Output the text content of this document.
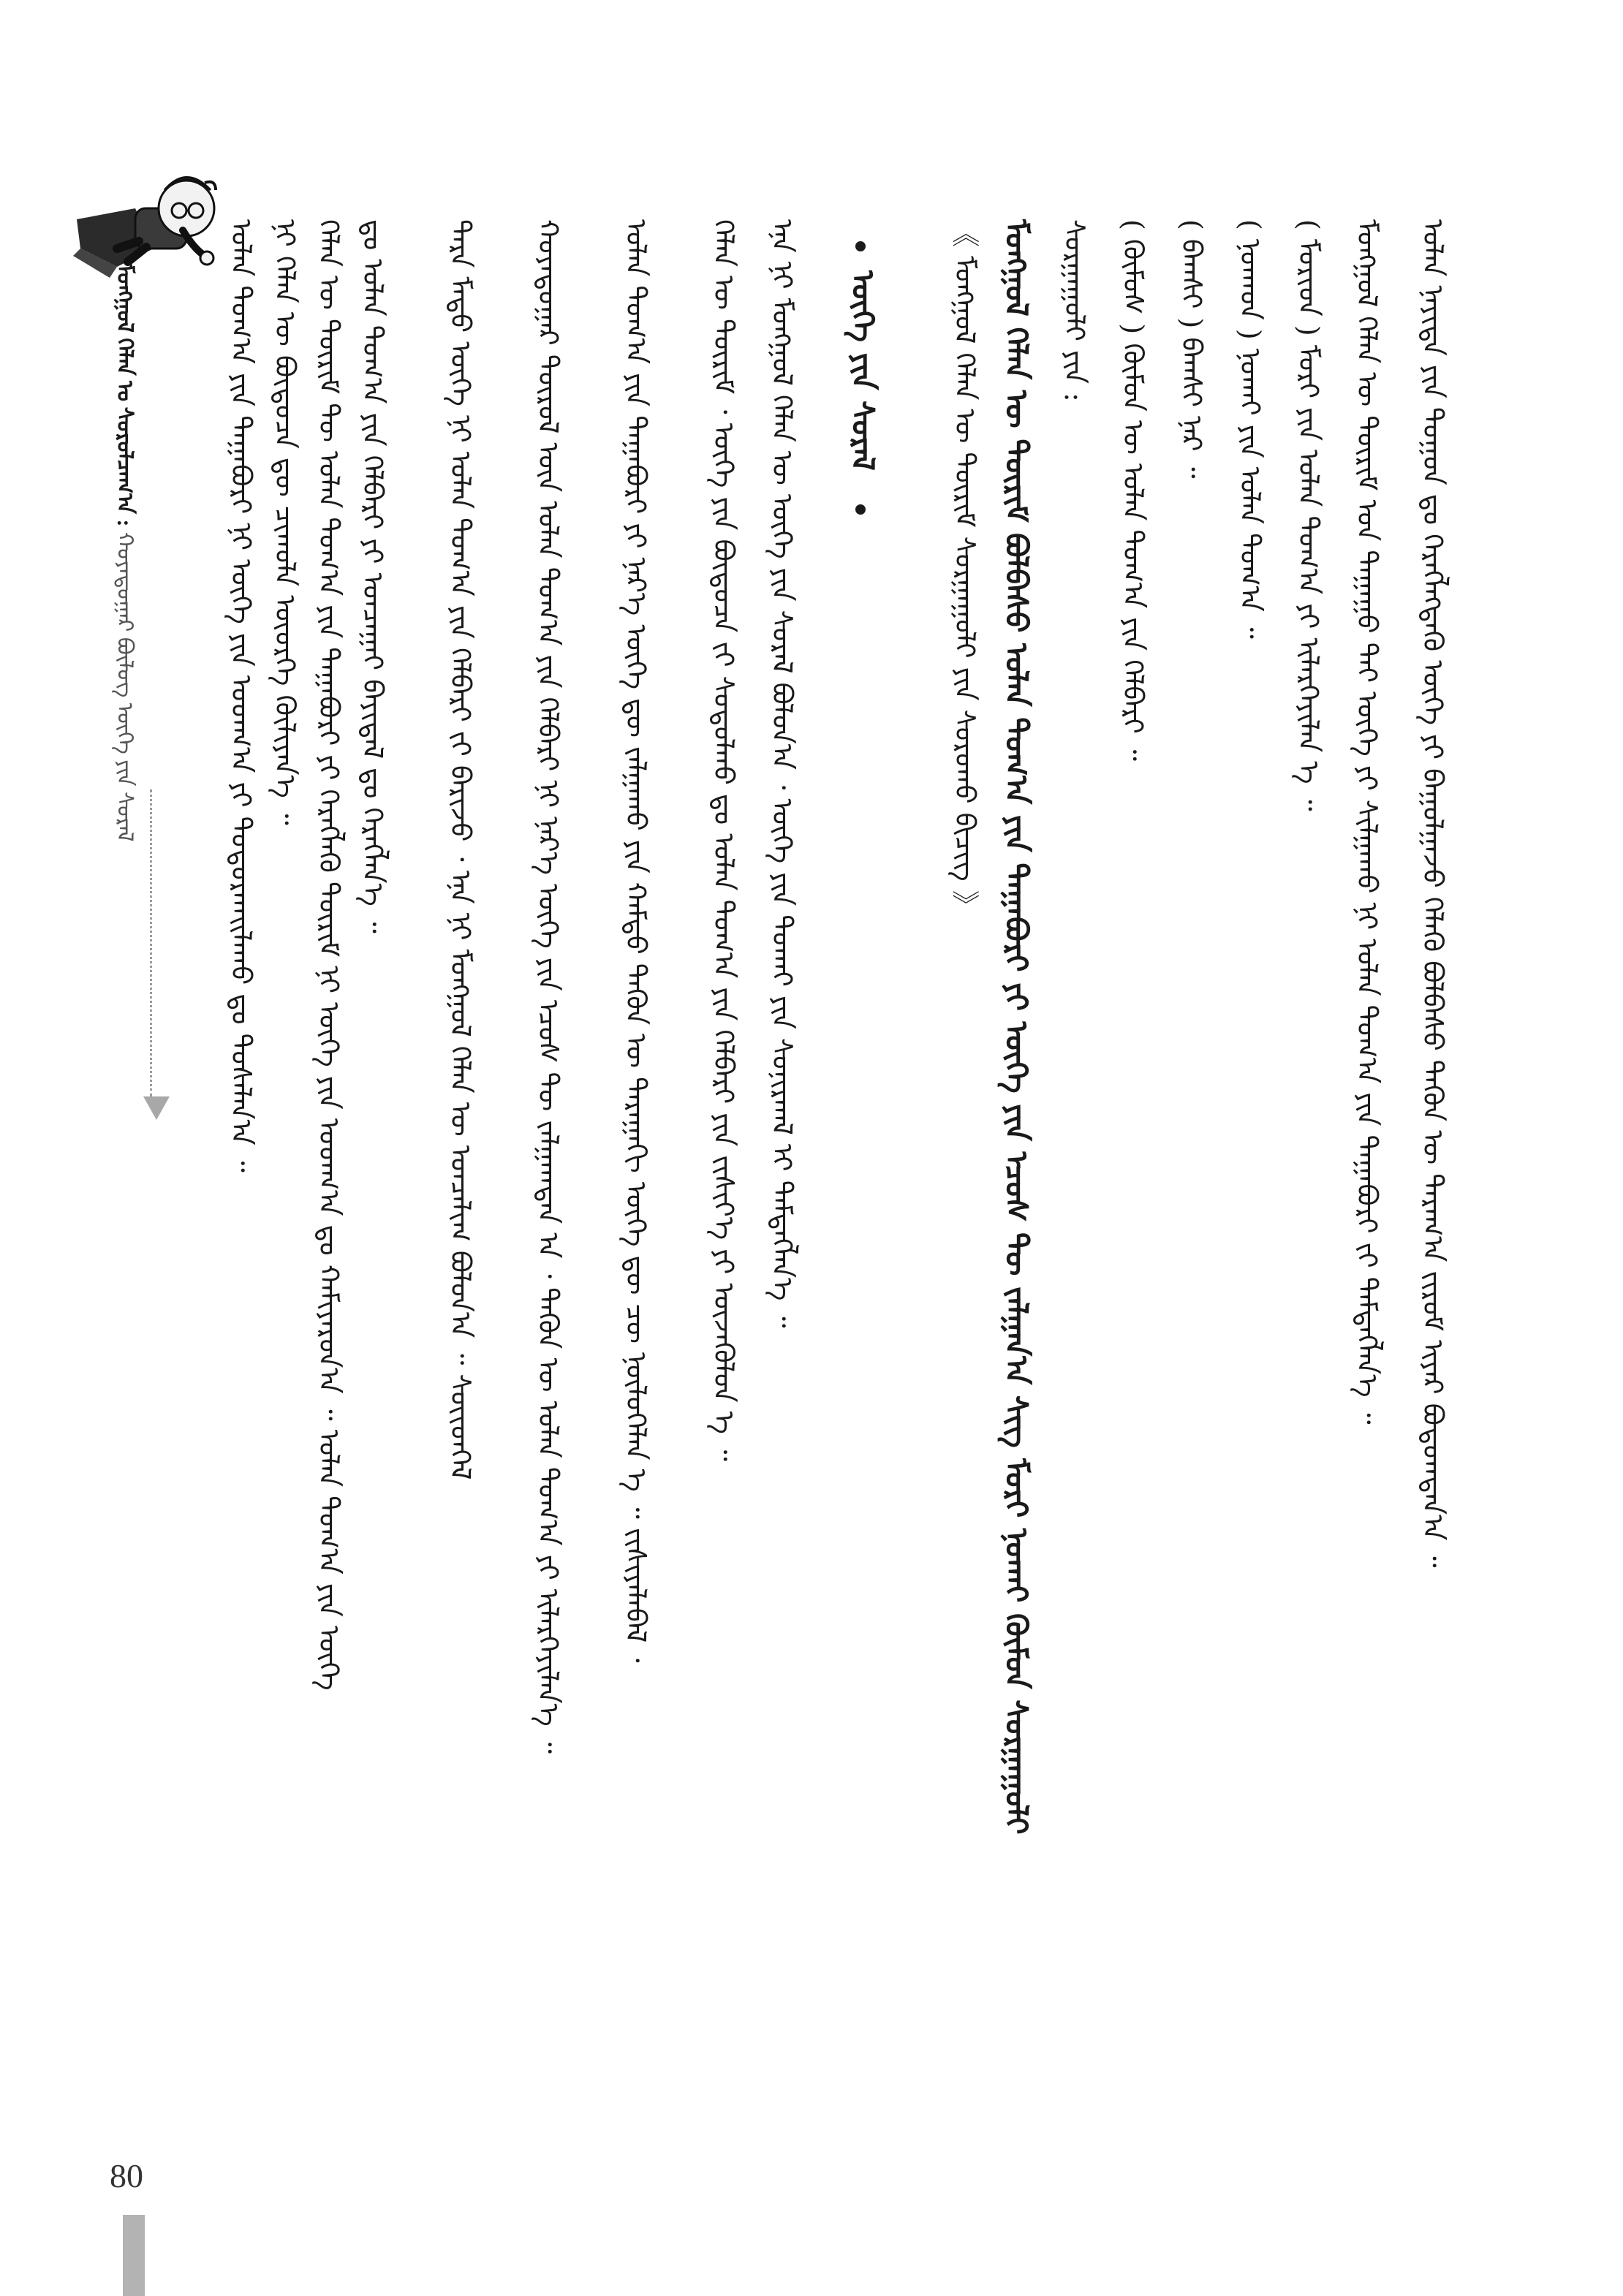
ᠮᠣᠩᠭᠣᠯ ᠬᠡᠯᠡᠨ ᠤ ᠰᠤᠷᠤᠯᠴᠠᠭ᠎ᠠ : ᠬᠣᠶᠠᠳᠤᠭᠠᠷ ᠪᠦᠯᠦᠭ ᠦᠭᠡ ᠶᠢᠨ ᠰᠤᠷᠠᠯ
80
ᠣᠯᠠᠨ ᠲᠣᠭ᠎ᠠ ᠶᠢᠨ ᠳᠠᠭᠠᠪᠤᠷᠢ ᠨᠢ ᠦᠭᠡ ᠶᠢᠨ ᠤᠳᠬ᠎ᠠ ᠶᠢ ᠲᠣᠳᠣᠷᠬᠠᠢᠯᠠᠬᠤ ᠳᠤ ᠲᠤᠰᠠᠯᠠᠨ᠎ᠠ ᠃ ᠨᠢ ᠬᠡᠯᠡᠨ ᠦ ᠪᠦᠲᠦᠴᠡ ᠳᠦ ᠴᠢᠬᠤᠯᠠ ᠦᠦᠷᠭᠡ ᠬᠦᠯᠢᠶᠡᠨ᠎ᠡ ᠃ ᠬᠡᠯᠡᠨ ᠦ ᠳᠦᠷᠢᠮ ᠲᠦ ᠣᠯᠠᠨ ᠲᠣᠭ᠎ᠠ ᠶᠢᠨ ᠳᠠᠭᠠᠪᠤᠷᠢ ᠶᠢ ᠬᠡᠷᠡᠭᠯᠡᠬᠦ ᠳᠦᠷᠢᠮ ᠨᠢ ᠦᠭᠡ ᠶᠢᠨ ᠤᠳᠬ᠎ᠠ ᠳᠤ ᠬᠠᠮᠢᠶᠠᠷᠤᠨ᠎ᠠ ᠃ ᠣᠯᠠᠨ ᠲᠣᠭ᠎ᠠ ᠶᠢᠨ ᠦᠭᠡ ᠳᠤ ᠣᠯᠠᠨ ᠲᠣᠭ᠎ᠠ ᠶᠢᠨ ᠬᠡᠯᠪᠡᠷᠢ ᠶᠢ ᠣᠨᠴᠠᠭᠠᠢ ᠪᠠᠶᠢᠳᠠᠯ ᠳᠤ ᠬᠡᠷᠡᠭᠯᠡᠨ᠎ᠡ ᠃ ᠲᠡᠷᠡ ᠮᠡᠲᠦ ᠦᠭᠡ ᠨᠢ ᠣᠯᠠᠨ ᠲᠣᠭ᠎ᠠ ᠶᠢᠨ ᠬᠡᠯᠪᠡᠷᠢ ᠵᠢ ᠪᠠᠷᠢᠵᠤ ᠂ ᠡᠨᠡ ᠨᠢ ᠮᠣᠩᠭᠣᠯ ᠬᠡᠯᠡᠨ ᠦ ᠣᠨᠴᠠᠯᠢᠭ ᠪᠣᠯᠤᠨ᠎ᠠ ᠃ ᠰᠦᠢᠳᠬᠡᠯ ᠬᠣᠶᠠᠳᠤᠭᠠᠷ ᠲᠥᠷᠦᠯ ᠦᠨ ᠣᠯᠠᠨ ᠲᠣᠭ᠎ᠠ ᠶᠢᠨ ᠬᠡᠯᠪᠡᠷᠢ ᠨᠢ ᠨᠡᠷ᠎ᠡ ᠦᠭᠡ ᠶᠢᠨ ᠡᠴᠦᠰ ᠲᠦ ᠵᠠᠯᠭᠠᠭᠳᠠᠨ ᠠ ᠂ ᠲᠡᠭᠦᠨ ᠦ ᠣᠯᠠᠨ ᠲᠣᠭ᠎ᠠ ᠶᠢ ᠢᠯᠡᠷᠬᠡᠶᠢᠯᠡᠨ᠎ᠡ ᠃ ᠣᠯᠠᠨ ᠲᠣᠭ᠎ᠠ ᠶᠢᠨ ᠳᠠᠭᠠᠪᠤᠷᠢ ᠶᠢ ᠨᠡᠷ᠎ᠡ ᠦᠭᠡ ᠳᠦ ᠵᠠᠯᠭᠠᠬᠤ ᠶᠢᠨ ᠬᠠᠮᠲᠤ ᠲᠡᠭᠦᠨ ᠦ ᠳᠠᠷᠠᠭᠠᠬᠢ ᠦᠭᠡ ᠳᠦ ᠴᠦ ᠨᠥᠯᠦᠭᠡᠯᠡᠨ ᠡ ᠃ ᠵᠢᠱᠢᠶᠡᠯᠡᠪᠡᠯ ᠂ ᠬᠡᠯᠡᠨ ᠦ ᠳᠦᠷᠢᠮ ᠂ ᠦᠭᠡ ᠶᠢᠨ ᠪᠦᠲᠦᠴᠡ ᠵᠢ ᠰᠤᠳᠤᠯᠬᠤ ᠳᠤ ᠣᠯᠠᠨ ᠲᠣᠭ᠎ᠠ ᠶᠢᠨ ᠬᠡᠯᠪᠡᠷᠢ ᠶᠢᠨ ᠵᠢᠰᠢᠶ᠎ᠡ ᠶᠢ ᠦᠵᠡᠭᠦᠯᠦᠨ ᠡ ᠃ ᠡᠨᠡ ᠨᠢ ᠮᠣᠩᠭᠣᠯ ᠬᠡᠯᠡᠨ ᠦ ᠦᠭᠡ ᠶᠢᠨ ᠰᠤᠷᠠᠯ ᠪᠣᠯᠤᠨ᠎ᠠ ᠂ ᠦᠭᠡ ᠶᠢᠨ ᠲᠤᠬᠠᠢ ᠶᠢᠨ ᠰᠣᠨᠢᠷᠬᠠᠯ ᠢ ᠲᠡᠮᠳᠡᠭᠯᠡᠨ᠎ᠡ ᠃ ᠦᠭᠡ ᠶᠢᠨ ᠰᠤᠷᠠᠯ 《 ᠮᠣᠩᠭᠣᠯ ᠬᠡᠯᠡᠨ ᠦ ᠳᠦᠷᠢᠮ ᠰᠤᠷᠭᠠᠭᠤᠯᠢ ᠶᠢᠨ ᠰᠤᠷᠤᠬᠤ ᠪᠢᠴᠢᠭ 》 ᠮᠣᠩᠭᠣᠯ ᠬᠡᠯᠡᠨ ᠦ ᠳᠦᠷᠢᠮ ᠪᠣᠯᠪᠠᠰᠤ ᠣᠯᠠᠨ ᠲᠣᠭ᠎ᠠ ᠶᠢᠨ ᠳᠠᠭᠠᠪᠤᠷᠢ ᠶᠢ ᠦᠭᠡ ᠶᠢᠨ ᠡᠴᠦᠰ ᠲᠦ ᠵᠠᠯᠭᠠᠨ᠎ᠠ ᠰᠢᠭ ᠮᠣᠷᠢ ᠨᠣᠬᠠᠢ ᠬᠦᠮᠦᠨ ᠰᠤᠷᠭᠠᠭᠤᠯᠢ ᠰᠤᠷᠭᠠᠭᠤᠯᠢ ᠶᠢᠨ : ( ᠬᠦᠮᠦᠰ ) ᠬᠦᠮᠦᠨ ᠦ ᠣᠯᠠᠨ ᠲᠣᠭ᠎ᠠ ᠶᠢᠨ ᠬᠡᠯᠪᠡᠷᠢ ᠃ ( ᠪᠠᠭᠰᠢ ) ᠪᠠᠭᠰᠢ ᠨᠠᠷ ᠃ ( ᠨᠣᠬᠠᠳ ) ᠨᠣᠬᠠᠢ ᠶᠢᠨ ᠣᠯᠠᠨ ᠲᠣᠭ᠎ᠠ ᠃ ( ᠮᠣᠷᠢᠳ ) ᠮᠣᠷᠢ ᠶᠢᠨ ᠣᠯᠠᠨ ᠲᠣᠭ᠎ᠠ ᠶᠢ ᠢᠯᠡᠷᠬᠡᠶᠢᠯᠡᠨ ᠡ ᠃ ᠮᠣᠩᠭᠣᠯ ᠬᠡᠯᠡᠨ ᠦ ᠳᠦᠷᠢᠮ ᠤᠨ ᠳᠠᠭᠠᠭᠤ ᠲᠠᠢ ᠦᠭᠡ ᠶᠢ ᠰᠢᠯᠭᠠᠬᠤ ᠨᠢ ᠣᠯᠠᠨ ᠲᠣᠭ᠎ᠠ ᠶᠢᠨ ᠳᠠᠭᠠᠪᠤᠷᠢ ᠵᠢ ᠲᠡᠮᠳᠡᠭᠯᠡᠨ᠎ᠡ ᠃ ᠣᠯᠠᠨ ᠨᠡᠶᠢᠲᠡ ᠶᠢᠨ ᠲᠣᠭᠣᠨ ᠳᠤ ᠬᠡᠷᠡᠭᠯᠡᠭᠳᠡᠬᠦ ᠦᠭᠡ ᠶᠢ ᠪᠠᠭᠤᠯᠭᠠᠵᠤ ᠬᠡᠯᠡᠬᠦ ᠪᠣᠯᠪᠠᠰᠤ ᠲᠡᠭᠦᠨ ᠦ ᠳᠠᠷᠠᠭ᠎ᠠ ᠵᠢᠷᠤᠮ ᠢᠶᠡᠷ ᠪᠣᠳᠣᠭᠳᠠᠨ᠎ᠠ ᠃
